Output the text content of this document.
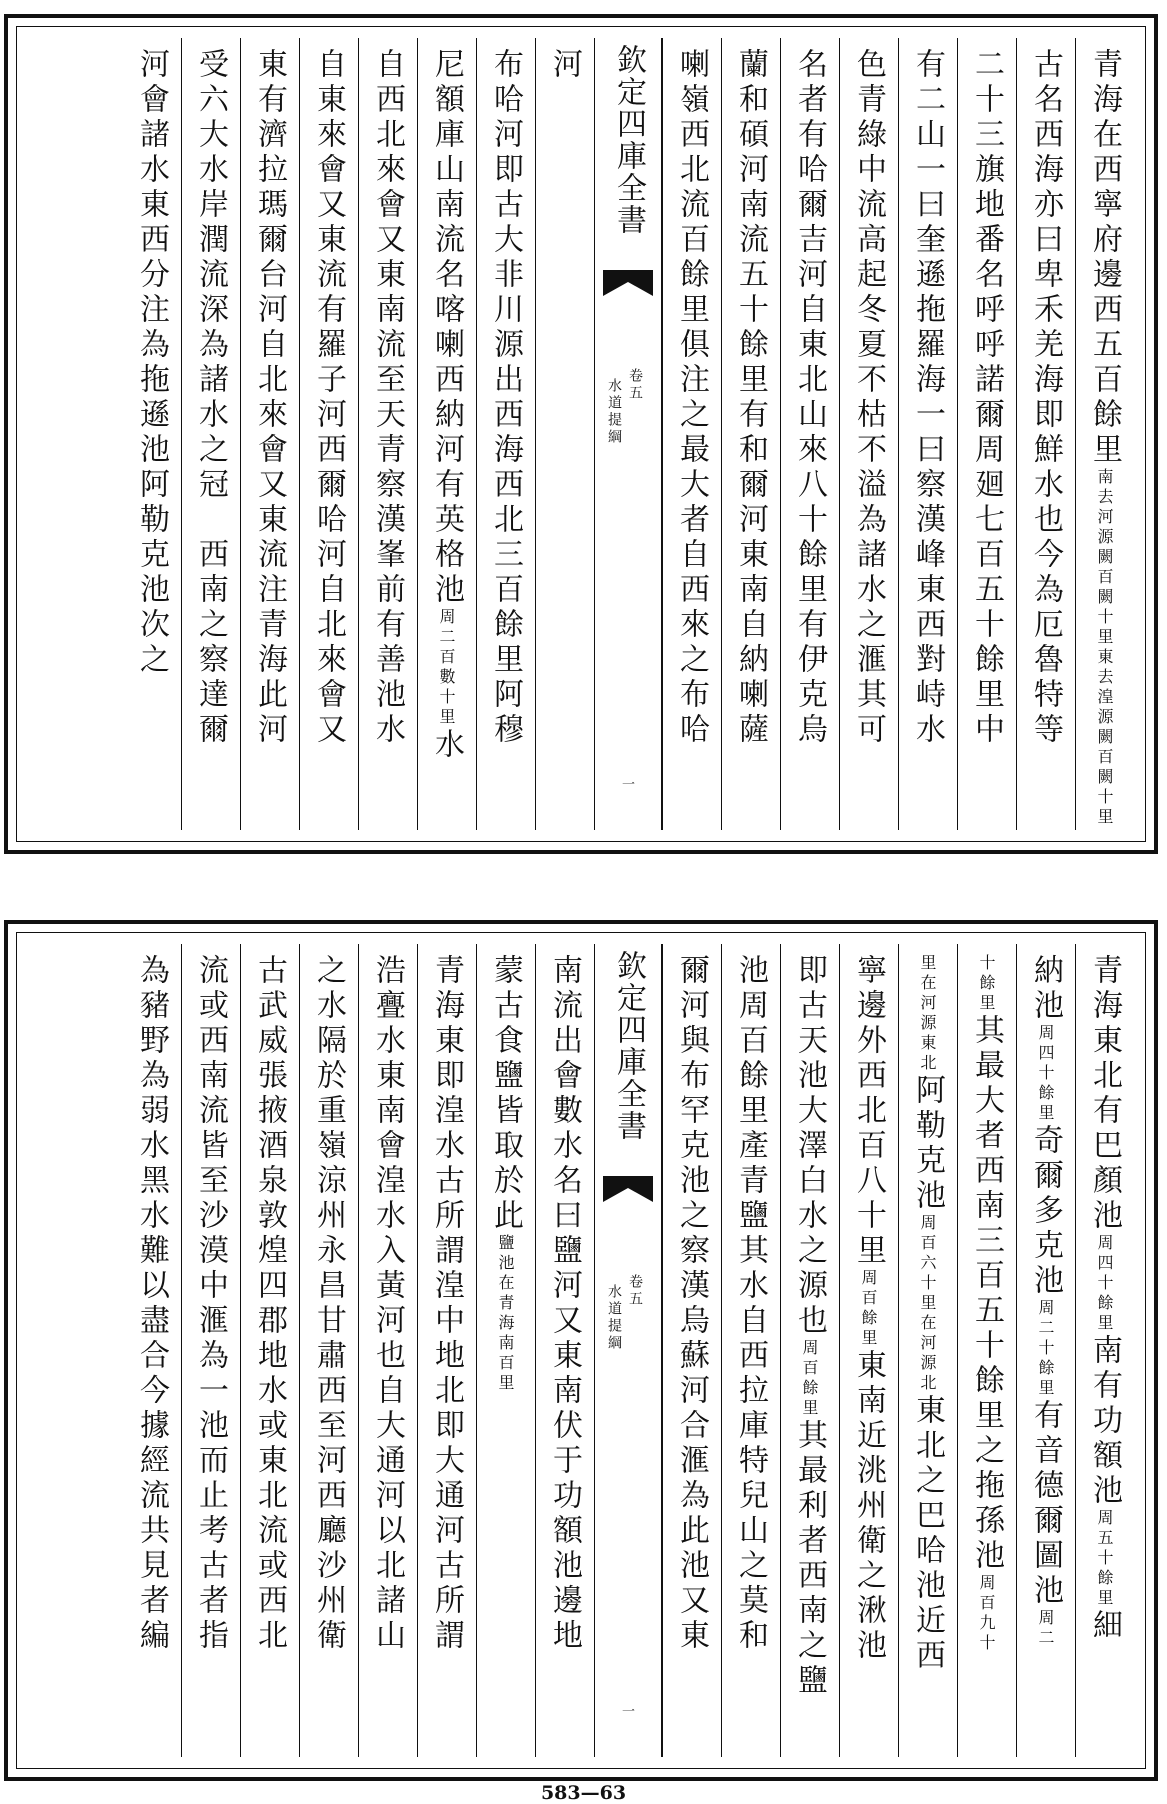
青海在西寧府邊西五百餘里南去河源闕百闕十里東去湟源闕百闕十里
古名西海亦曰卑禾羌海即鮮水也今為厄魯特等
二十三旗地番名呼呼諾爾周廻七百五十餘里中
有二山一曰奎遜拖羅海一曰察漢峰東西對峙水
色青綠中流高起冬夏不枯不溢為諸水之滙其可
名者有哈爾吉河自東北山來八十餘里有伊克烏
蘭和碩河南流五十餘里有和爾河東南自納喇薩
喇嶺西北流百餘里俱注之最大者自西來之布哈
欽定四庫全書
水道提綱 卷五
一
河
布哈河即古大非川源出西海西北三百餘里阿穆
尼額庫山南流名喀喇西納河有英格池周二百數十里水
自西北來會又東南流至天青察漢峯前有善池水
自東來會又東流有羅子河西爾哈河自北來會又
東有濟拉瑪爾台河自北來會又東流注青海此河
受六大水岸潤流深為諸水之冠　西南之察達爾
河會諸水東西分注為拖遜池阿勒克池次之
青海東北有巴顏池周四十餘里南有功額池周五十餘里細
納池周四十餘里奇爾多克池周二十餘里有音德爾圖池周二
十餘里其最大者西南三百五十餘里之拖孫池周百九十
里在河源東北阿勒克池周百六十里在河源北東北之巴哈池近西
寧邊外西北百八十里周百餘里東南近洮州衛之湫池
即古天池大澤白水之源也周百餘里其最利者西南之鹽
池周百餘里產青鹽其水自西拉庫特兒山之莫和
爾河與布罕克池之察漢烏蘇河合滙為此池又東
欽定四庫全書
水道提綱 卷五
一
南流出會數水名曰鹽河又東南伏于功額池邊地
蒙古食鹽皆取於此鹽池在青海南百里
青海東即湟水古所謂湟中地北即大通河古所謂
浩亹水東南會湟水入黃河也自大通河以北諸山
之水隔於重嶺涼州永昌甘肅西至河西廳沙州衛
古武威張掖酒泉敦煌四郡地水或東北流或西北
流或西南流皆至沙漠中滙為一池而止考古者指
為豬野為弱水黑水難以盡合今據經流共見者編
583—63
